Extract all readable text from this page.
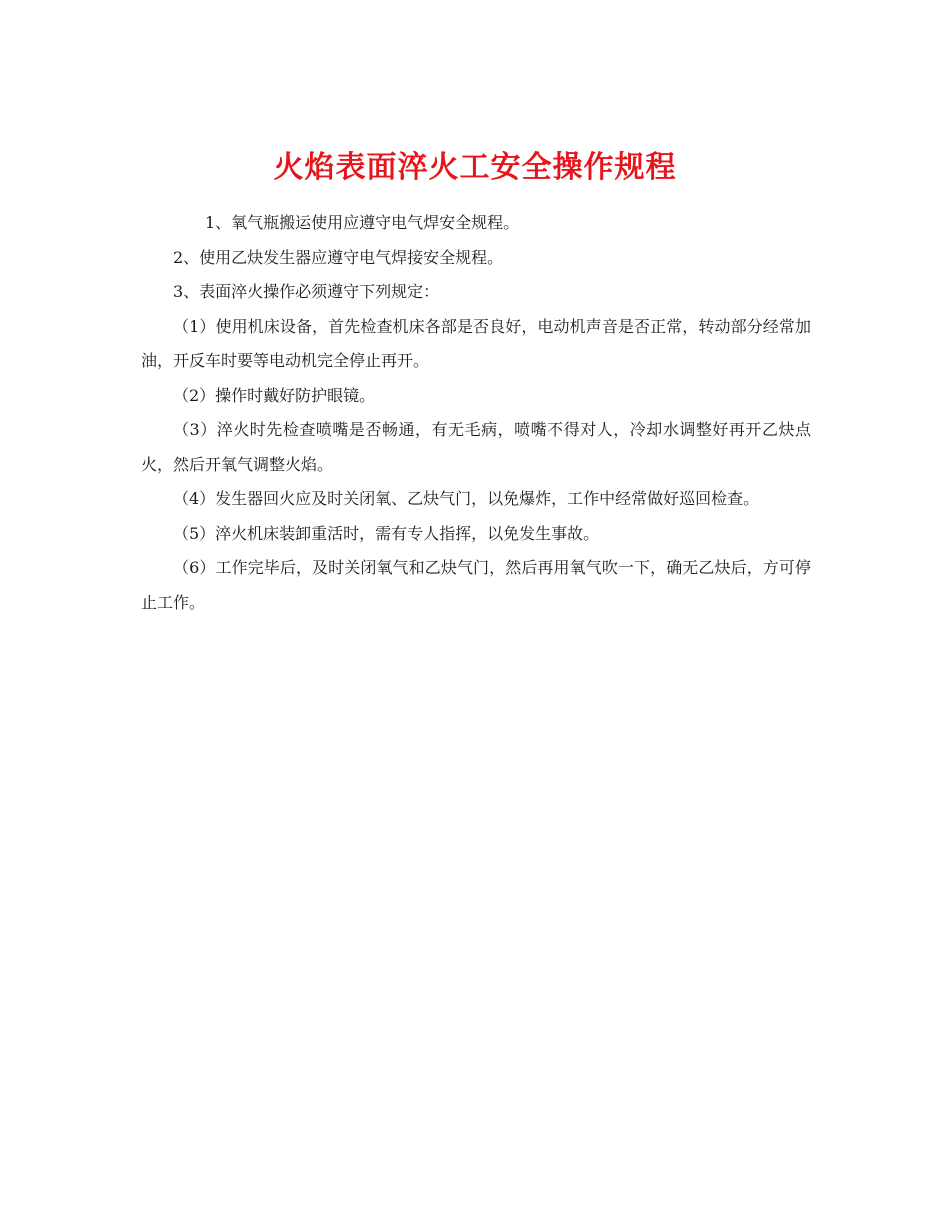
火焰表面淬火工安全操作规程

1、氧气瓶搬运使用应遵守电气焊安全规程。

2、使用乙炔发生器应遵守电气焊接安全规程。

3、表面淬火操作必须遵守下列规定：

（1）使用机床设备，首先检查机床各部是否良好，电动机声音是否正常，转动部分经常加油，开反车时要等电动机完全停止再开。

（2）操作时戴好防护眼镜。

（3）淬火时先检查喷嘴是否畅通，有无毛病，喷嘴不得对人，冷却水调整好再开乙炔点火，然后开氧气调整火焰。

（4）发生器回火应及时关闭氧、乙炔气门，以免爆炸，工作中经常做好巡回检查。

（5）淬火机床装卸重活时，需有专人指挥，以免发生事故。

（6）工作完毕后，及时关闭氧气和乙炔气门，然后再用氧气吹一下，确无乙炔后，方可停止工作。
